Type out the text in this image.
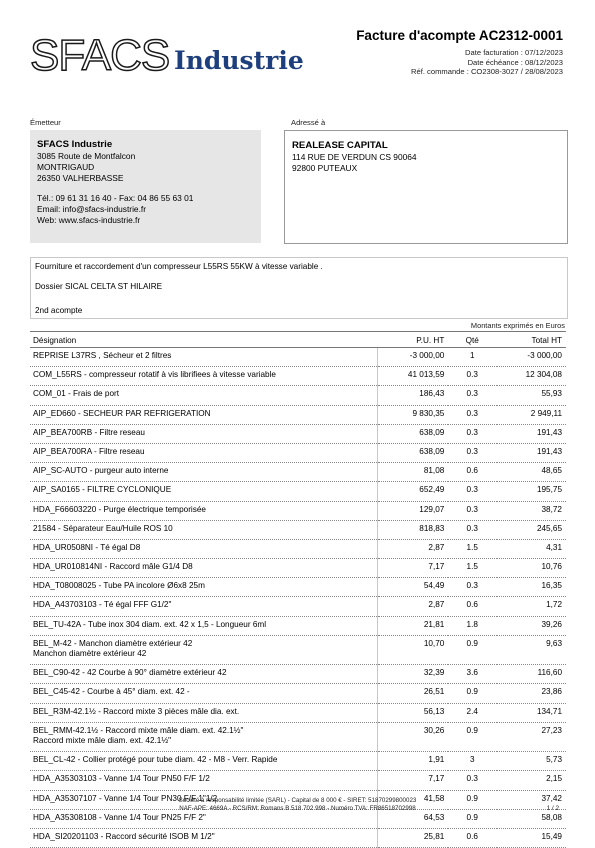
SFACS Industrie
Facture d'acompte AC2312-0001
Date facturation : 07/12/2023
Date échéance : 08/12/2023
Réf. commande : CO2308-3027 / 28/08/2023
Émetteur	Adressé à
SFACS Industrie
3085 Route de Montfalcon
MONTRIGAUD
26350 VALHERBASSE
Tél.: 09 61 31 16 40 - Fax: 04 86 55 63 01
Email: info@sfacs-industrie.fr
Web: www.sfacs-industrie.fr
REALEASE CAPITAL
114 RUE DE VERDUN CS 90064
92800 PUTEAUX
Fourniture et raccordement d'un compresseur L55RS 55KW à vitesse variable .
Dossier SICAL CELTA ST HILAIRE
2nd acompte
Montants exprimés en Euros
Désignation	P.U. HT	Qté	Total HT

REPRISE L37RS , Sécheur et 2 filtres	-3 000,00	1	-3 000,00

COM_L55RS - compresseur rotatif à vis librifiees à vitesse variable	41 013,59	0.3	12 304,08

COM_01 - Frais de port	186,43	0.3	55,93

AIP_ED660 - SECHEUR PAR REFRIGERATION	9 830,35	0.3	2 949,11

AIP_BEA700RB - Filtre reseau	638,09	0.3	191,43

AIP_BEA700RA - Filtre reseau	638,09	0.3	191,43

AIP_SC-AUTO - purgeur auto interne	81,08	0.6	48,65

AIP_SA0165 - FILTRE CYCLONIQUE	652,49	0.3	195,75

HDA_F66603220 - Purge électrique temporisée	129,07	0.3	38,72

21584 - Séparateur Eau/Huile ROS 10	818,83	0.3	245,65

HDA_UR0508NI - Té égal D8	2,87	1.5	4,31

HDA_UR010814NI - Raccord mâle G1/4 D8	7,17	1.5	10,76

HDA_T08008025 - Tube PA incolore Ø6x8 25m	54,49	0.3	16,35

HDA_A43703103 - Té égal FFF G1/2"	2,87	0.6	1,72

BEL_TU-42A - Tube inox 304 diam. ext. 42 x 1,5 - Longueur 6ml	21,81	1.8	39,26

BEL_M-42 - Manchon diamètre extérieur 42
Manchon diamètre extérieur 42	10,70	0.9	9,63

BEL_C90-42 - 42 Courbe à 90° diamètre extérieur 42	32,39	3.6	116,60

BEL_C45-42 - Courbe à 45° diam. ext. 42 -	26,51	0.9	23,86

BEL_R3M-42.1½ - Raccord mixte 3 pièces mâle dia. ext.	56,13	2.4	134,71

BEL_RMM-42.1½ - Raccord mixte mâle diam. ext. 42.1½"
Raccord mixte mâle diam. ext. 42.1½"	30,26	0.9	27,23

BEL_CL-42 - Collier protégé pour tube diam. 42 - M8 - Verr. Rapide	1,91	3	5,73

HDA_A35303103 - Vanne 1/4 Tour PN50 F/F 1/2	7,17	0.3	2,15

HDA_A35307107 - Vanne 1/4 Tour PN30 F/F 1"1/2	41,58	0.9	37,42

HDA_A35308108 - Vanne 1/4 Tour PN25 F/F 2"	64,53	0.9	58,08

HDA_SI20201103 - Raccord sécurité ISOB M 1/2"	25,81	0.6	15,49
Société à responsabilité limitée (SARL) - Capital de 8 000 € - SIRET: 51870299800023
NAF-APE: 4669A - RCS/RM: Romans B 518 702 998 - Numéro TVA: FR86518702998	1 / 2
